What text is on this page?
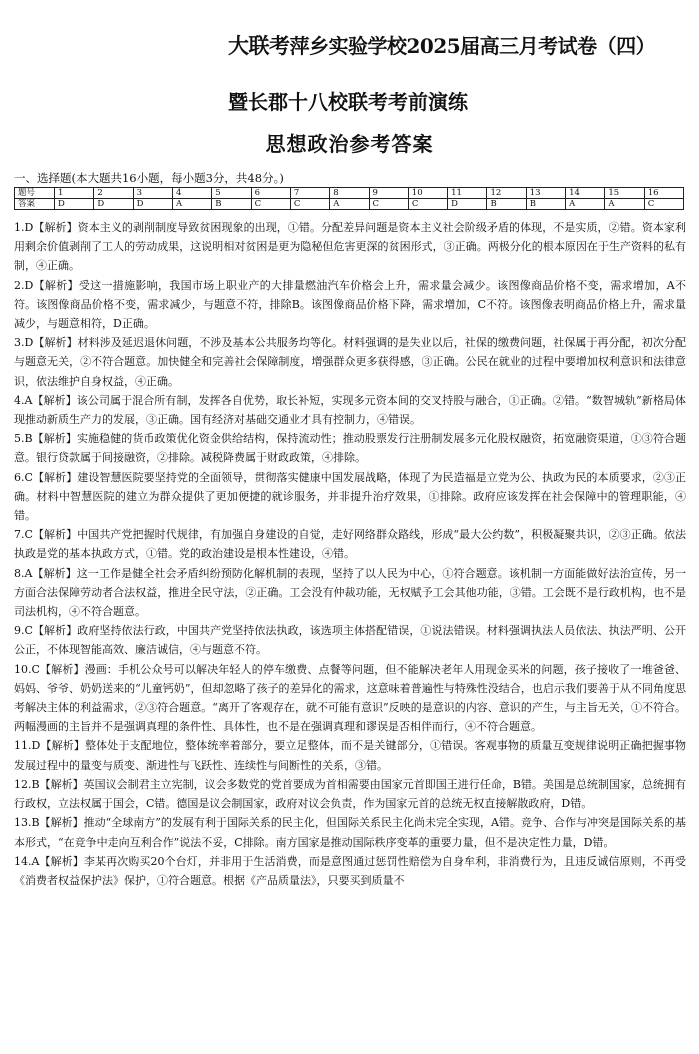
大联考萍乡实验学校2025届高三月考试卷（四）
暨长郡十八校联考考前演练
思想政治参考答案
一、选择题(本大题共16小题，每小题3分，共48分。)
题号	1	2	3	4	5	6	7	8	9	10	11	12	13	14	15	16
答案	D	D	D	A	B	C	C	A	C	C	D	B	B	A	A	C

1.D【解析】资本主义的剥削制度导致贫困现象的出现，①错。分配差异问题是资本主义社会阶级矛盾的体现，不是实质，②错。资本家利用剩余价值剥削了工人的劳动成果，这说明相对贫困是更为隐秘但危害更深的贫困形式，③正确。两极分化的根本原因在于生产资料的私有制，④正确。

2.D【解析】受这一措施影响，我国市场上职业产的大排量燃油汽车价格会上升，需求量会减少。该图像商品价格不变，需求增加，A不符。该图像商品价格不变，需求减少，与题意不符，排除B。该图像商品价格下降，需求增加，C不符。该图像表明商品价格上升，需求量减少，与题意相符，D正确。

3.D【解析】材料涉及延迟退休问题，不涉及基本公共服务均等化。材料强调的是失业以后，社保的缴费问题，社保属于再分配，初次分配与题意无关，②不符合题意。加快健全和完善社会保障制度，增强群众更多获得感，③正确。公民在就业的过程中要增加权利意识和法律意识，依法维护自身权益，④正确。

4.A【解析】该公司属于混合所有制，发挥各自优势，取长补短，实现多元资本间的交叉持股与融合，①正确。②错。“数智城轨”新格局体现推动新质生产力的发展，③正确。国有经济对基础交通业才具有控制力，④错误。

5.B【解析】实施稳健的货币政策优化资金供给结构，保持流动性；推动股票发行注册制发展多元化股权融资，拓宽融资渠道，①③符合题意。银行贷款属于间接融资，②排除。减税降费属于财政政策，④排除。

6.C【解析】建设智慧医院要坚持党的全面领导，贯彻落实健康中国发展战略，体现了为民造福是立党为公、执政为民的本质要求，②③正确。材料中智慧医院的建立为群众提供了更加便捷的就诊服务，并非提升治疗效果，①排除。政府应该发挥在社会保障中的管理职能，④错。

7.C【解析】中国共产党把握时代规律，有加强自身建设的自觉，走好网络群众路线，形成“最大公约数”，积极凝聚共识，②③正确。依法执政是党的基本执政方式，①错。党的政治建设是根本性建设，④错。

8.A【解析】这一工作是健全社会矛盾纠纷预防化解机制的表现，坚持了以人民为中心，①符合题意。该机制一方面能做好法治宣传，另一方面合法保障劳动者合法权益，推进全民守法，②正确。工会没有仲裁功能，无权赋予工会其他功能，③错。工会既不是行政机构，也不是司法机构，④不符合题意。

9.C【解析】政府坚持依法行政，中国共产党坚持依法执政，该选项主体搭配错误，①说法错误。材料强调执法人员依法、执法严明、公开公正，不体现智能高效、廉洁诚信，④与题意不符。

10.C【解析】漫画：手机公众号可以解决年轻人的停车缴费、点餐等问题，但不能解决老年人用现金买米的问题，孩子接收了一堆爸爸、妈妈、爷爷、奶奶送来的“儿童钙奶”，但却忽略了孩子的差异化的需求，这意味着普遍性与特殊性没结合，也启示我们要善于从不同角度思考解决主体的利益需求，②③符合题意。“离开了客观存在，就不可能有意识”反映的是意识的内容、意识的产生，与主旨无关，①不符合。两幅漫画的主旨并不是强调真理的条件性、具体性，也不是在强调真理和谬误是否相伴而行，④不符合题意。

11.D【解析】整体处于支配地位，整体统率着部分，要立足整体，而不是关键部分，①错误。客观事物的质量互变规律说明正确把握事物发展过程中的量变与质变、渐进性与飞跃性、连续性与间断性的关系，③错。

12.B【解析】英国议会制君主立宪制，议会多数党的党首要成为首相需要由国家元首即国王进行任命，B错。美国是总统制国家，总统拥有行政权，立法权属于国会，C错。德国是议会制国家，政府对议会负责，作为国家元首的总统无权直接解散政府，D错。

13.B【解析】推动“全球南方”的发展有利于国际关系的民主化，但国际关系民主化尚未完全实现，A错。竞争、合作与冲突是国际关系的基本形式，“在竞争中走向互利合作”说法不妥，C排除。南方国家是推动国际秩序变革的重要力量，但不是决定性力量，D错。

14.A【解析】李某再次购买20个台灯，并非用于生活消费，而是意图通过惩罚性赔偿为自身牟利，非消费行为，且违反诚信原则，不再受《消费者权益保护法》保护，①符合题意。根据《产品质量法》，只要买到质量不
